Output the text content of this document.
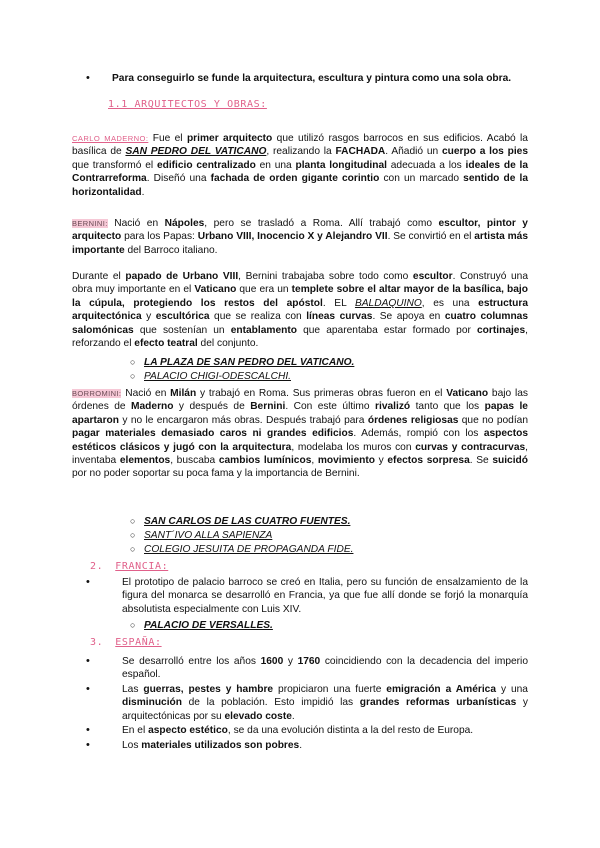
•
Para conseguirlo se funde la arquitectura, escultura y pintura como una sola obra.
1.1 ARQUITECTOS Y OBRAS:
CARLO MADERNO: Fue el primer arquitecto que utilizó rasgos barrocos en sus edificios. Acabó la basílica de SAN PEDRO DEL VATICANO, realizando la FACHADA. Añadió un cuerpo a los pies que transformó el edificio centralizado en una planta longitudinal adecuada a los ideales de la Contrarreforma. Diseñó una fachada de orden gigante corintio con un marcado sentido de la horizontalidad.
BERNINI: Nació en Nápoles, pero se trasladó a Roma. Allí trabajó como escultor, pintor y arquitecto para los Papas: Urbano VIII, Inocencio X y Alejandro VII. Se convirtió en el artista más importante del Barroco italiano.
Durante el papado de Urbano VIII, Bernini trabajaba sobre todo como escultor. Construyó una obra muy importante en el Vaticano que era un templete sobre el altar mayor de la basílica, bajo la cúpula, protegiendo los restos del apóstol. EL BALDAQUINO, es una estructura arquitectónica y escultórica que se realiza con líneas curvas. Se apoya en cuatro columnas salomónicas que sostenían un entablamento que aparentaba estar formado por cortinajes, reforzando el efecto teatral del conjunto.
○
LA PLAZA DE SAN PEDRO DEL VATICANO.
○
PALACIO CHIGI-ODESCALCHI.
BORROMINI: Nació en Milán y trabajó en Roma. Sus primeras obras fueron en el Vaticano bajo las órdenes de Maderno y después de Bernini. Con este último rivalizó tanto que los papas le apartaron y no le encargaron más obras. Después trabajó para órdenes religiosas que no podían pagar materiales demasiado caros ni grandes edificios. Además, rompió con los aspectos estéticos clásicos y jugó con la arquitectura, modelaba los muros con curvas y contracurvas, inventaba elementos, buscaba cambios lumínicos, movimiento y efectos sorpresa. Se suicidó por no poder soportar su poca fama y la importancia de Bernini.
○
SAN CARLOS DE LAS CUATRO FUENTES.
○
SANT´IVO ALLA SAPIENZA
○
COLEGIO JESUITA DE PROPAGANDA FIDE.
2. FRANCIA:
•
El prototipo de palacio barroco se creó en Italia, pero su función de ensalzamiento de la figura del monarca se desarrolló en Francia, ya que fue allí donde se forjó la monarquía absolutista especialmente con Luis XIV.
○
PALACIO DE VERSALLES.
3. ESPAÑA:
•
Se desarrolló entre los años 1600 y 1760 coincidiendo con la decadencia del imperio español.
•
Las guerras, pestes y hambre propiciaron una fuerte emigración a América y una disminución de la población. Esto impidió las grandes reformas urbanísticas y arquitectónicas por su elevado coste.
•
En el aspecto estético, se da una evolución distinta a la del resto de Europa.
•
Los materiales utilizados son pobres.
